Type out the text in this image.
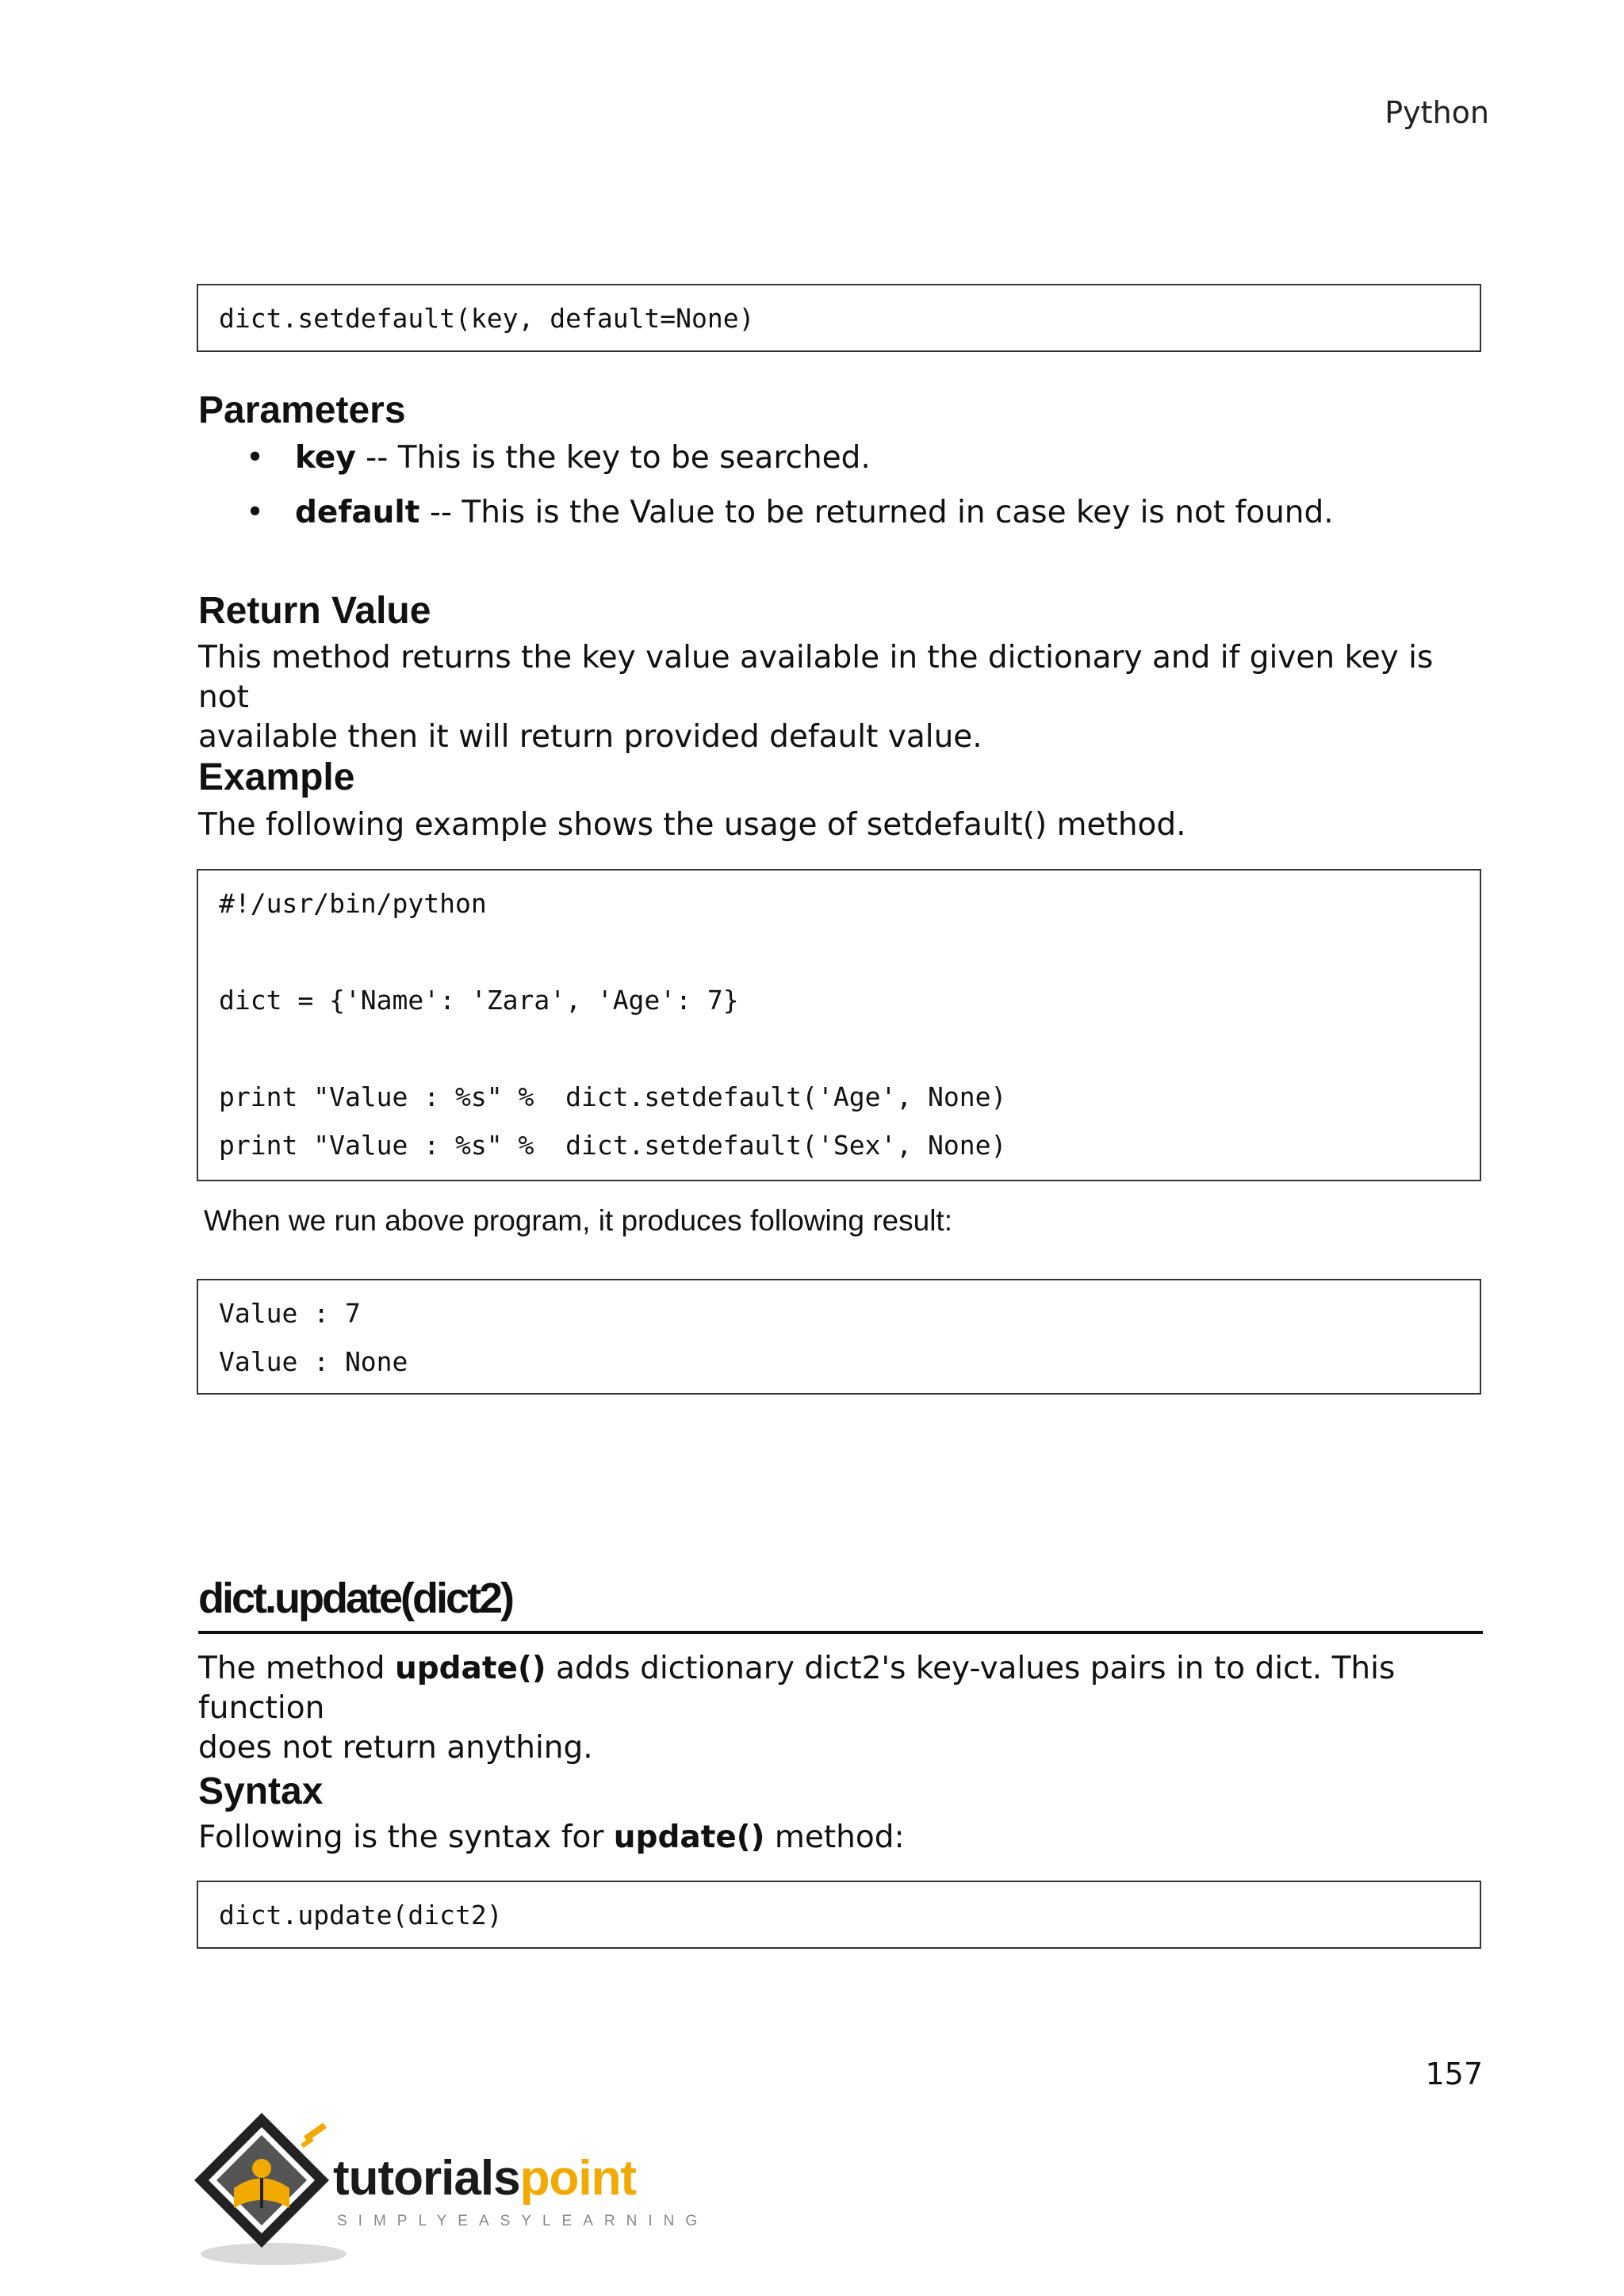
Python
dict.setdefault(key, default=None)
Parameters
• key -- This is the key to be searched.
• default -- This is the Value to be returned in case key is not found.
Return Value
This method returns the key value available in the dictionary and if given key is not
available then it will return provided default value.
Example
The following example shows the usage of setdefault() method.
#!/usr/bin/python
dict = {'Name': 'Zara', 'Age': 7}
print "Value : %s" %  dict.setdefault('Age', None)
print "Value : %s" %  dict.setdefault('Sex', None)
When we run above program, it produces following result:
Value : 7
Value : None
dict.update(dict2)
The method update() adds dictionary dict2's key-values pairs in to dict. This function
does not return anything.
Syntax
Following is the syntax for update() method:
dict.update(dict2)
157
tutorialspoint
SIMPLYEASYLEARNING
